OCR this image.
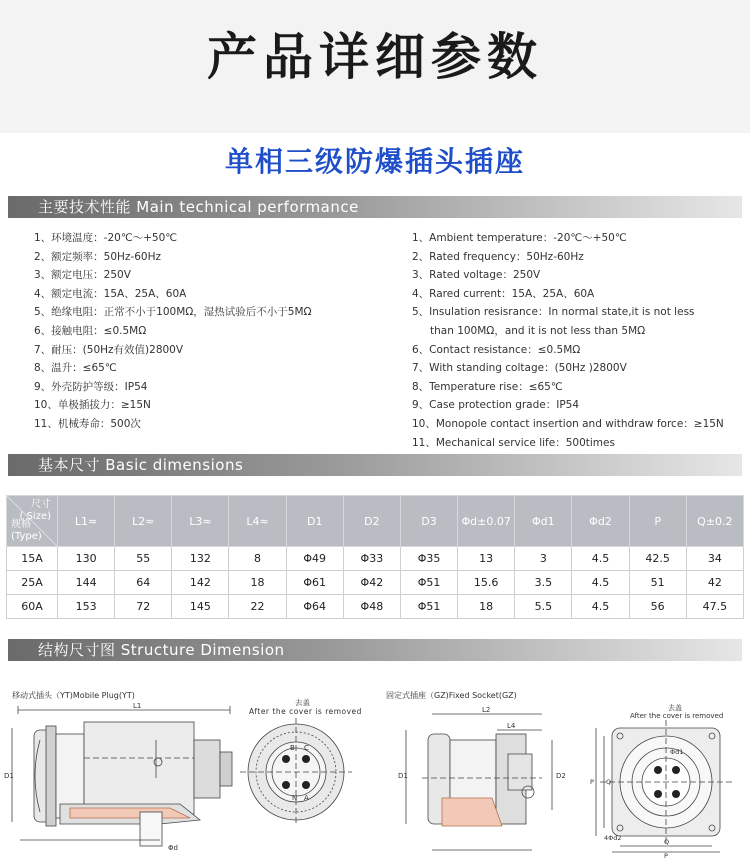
产品详细参数
单相三级防爆插头插座
主要技术性能 Main technical performance
1、环境温度：-20℃～+50℃
2、额定频率：50Hz-60Hz
3、额定电压：250V
4、额定电流：15A、25A、60A
5、绝缘电阻：正常不小于100MΩ，湿热试验后不小于5MΩ
6、接触电阻：≤0.5MΩ
7、耐压：(50Hz有效值)2800V
8、温升：≤65℃
9、外壳防护等级：IP54
10、单极插拔力：≥15N
11、机械寿命：500次
1、Ambient temperature：-20℃～+50℃
2、Rated frequency：50Hz-60Hz
3、Rated voltage：250V
4、Rared current：15A、25A、60A
5、Insulation resisrance：In normal state,it is not less
than 100MΩ，and it is not less than 5MΩ
6、Contact resistance：≤0.5MΩ
7、With standing coltage：(50Hz )2800V
8、Temperature rise：≤65℃
9、Case protection grade：IP54
10、Monopole contact insertion and withdraw force：≥15N
11、Mechanical service life：500times
基本尺寸 Basic dimensions
尺寸
( Size)
规格
(Type)	L1≈	L2≈	L3≈	L4≈	D1	D2	D3	Φd±0.07	Φd1	Φd2	P	Q±0.2
15A	130	55	132	8	Φ49	Φ33	Φ35	13	3	4.5	42.5	34
25A	144	64	142	18	Φ61	Φ42	Φ51	15.6	3.5	4.5	51	42
60A	153	72	145	22	Φ64	Φ48	Φ51	18	5.5	4.5	56	47.5
结构尺寸图 Structure Dimension
移动式插头（YT)Mobile Plug(YT)
去盖
After the cover is removed
固定式插座（GZ)Fixed Socket(GZ)
去盖
After the cover is removed
L1
D1
Φd
B C
N A
L2
L4
D1	D2
P Q
Φd1
4Φd2	Q
P
